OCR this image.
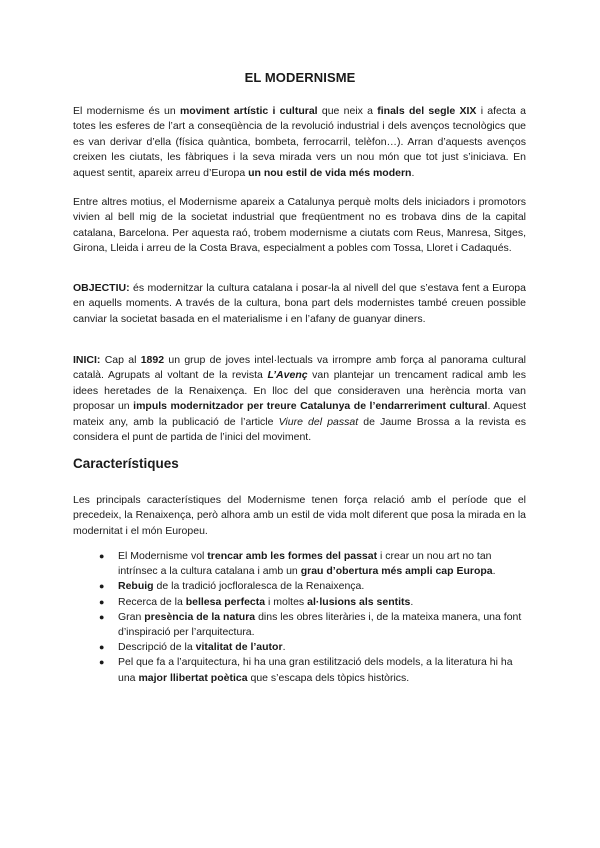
EL MODERNISME

El modernisme és un moviment artístic i cultural que neix a finals del segle XIX i afecta a totes les esferes de l’art a conseqüència de la revolució industrial i dels avenços tecnològics que es van derivar d’ella (física quàntica, bombeta, ferrocarril, telèfon…). Arran d’aquests avenços creixen les ciutats, les fàbriques i la seva mirada vers un nou món que tot just s’iniciava. En aquest sentit, apareix arreu d’Europa un nou estil de vida més modern.

Entre altres motius, el Modernisme apareix a Catalunya perquè molts dels iniciadors i promotors vivien al bell mig de la societat industrial que freqüentment no es trobava dins de la capital catalana, Barcelona. Per aquesta raó, trobem modernisme a ciutats com Reus, Manresa, Sitges, Girona, Lleida i arreu de la Costa Brava, especialment a pobles com Tossa, Lloret i Cadaqués.

OBJECTIU: és modernitzar la cultura catalana i posar-la al nivell del que s’estava fent a Europa en aquells moments. A través de la cultura, bona part dels modernistes també creuen possible canviar la societat basada en el materialisme i en l’afany de guanyar diners.

INICI: Cap al 1892 un grup de joves intel·lectuals va irrompre amb força al panorama cultural català. Agrupats al voltant de la revista L’Avenç van plantejar un trencament radical amb les idees heretades de la Renaixença. En lloc del que consideraven una herència morta van proposar un impuls modernitzador per treure Catalunya de l’endarreriment cultural. Aquest mateix any, amb la publicació de l’article Viure del passat de Jaume Brossa a la revista es considera el punt de partida de l’inici del moviment.

Característiques

Les principals característiques del Modernisme tenen força relació amb el període que el precedeix, la Renaixença, però alhora amb un estil de vida molt diferent que posa la mirada en la modernitat i el món Europeu.

● El Modernisme vol trencar amb les formes del passat i crear un nou art no tan intrínsec a la cultura catalana i amb un grau d’obertura més ampli cap Europa.
● Rebuig de la tradició jocfloralesca de la Renaixença.
● Recerca de la bellesa perfecta i moltes al·lusions als sentits.
● Gran presència de la natura dins les obres literàries i, de la mateixa manera, una font d’inspiració per l’arquitectura.
● Descripció de la vitalitat de l’autor.
● Pel que fa a l’arquitectura, hi ha una gran estilització dels models, a la literatura hi ha una major llibertat poètica que s’escapa dels tòpics històrics.
